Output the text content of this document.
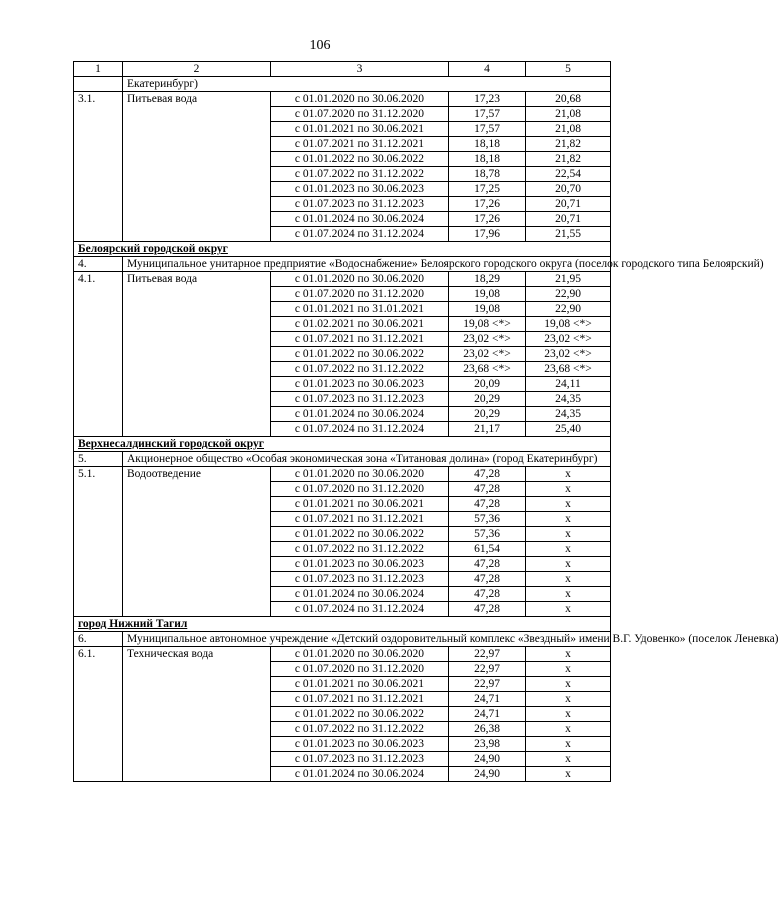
106
1	2	3	4	5
	Екатеринбург)			
3.1.	Питьевая вода	с 01.01.2020 по 30.06.2020	17,23	20,68
		с 01.07.2020 по 31.12.2020	17,57	21,08
		с 01.01.2021 по 30.06.2021	17,57	21,08
		с 01.07.2021 по 31.12.2021	18,18	21,82
		с 01.01.2022 по 30.06.2022	18,18	21,82
		с 01.07.2022 по 31.12.2022	18,78	22,54
		с 01.01.2023 по 30.06.2023	17,25	20,70
		с 01.07.2023 по 31.12.2023	17,26	20,71
		с 01.01.2024 по 30.06.2024	17,26	20,71
		с 01.07.2024 по 31.12.2024	17,96	21,55
Белоярский городской округ				
4.	Муниципальное унитарное предприятие «Водоснабжение» Белоярского городского округа (поселок городского типа Белоярский)			
4.1.	Питьевая вода	с 01.01.2020 по 30.06.2020	18,29	21,95
		с 01.07.2020 по 31.12.2020	19,08	22,90
		с 01.01.2021 по 31.01.2021	19,08	22,90
		с 01.02.2021 по 30.06.2021	19,08 <*>	19,08 <*>
		с 01.07.2021 по 31.12.2021	23,02 <*>	23,02 <*>
		с 01.01.2022 по 30.06.2022	23,02 <*>	23,02 <*>
		с 01.07.2022 по 31.12.2022	23,68 <*>	23,68 <*>
		с 01.01.2023 по 30.06.2023	20,09	24,11
		с 01.07.2023 по 31.12.2023	20,29	24,35
		с 01.01.2024 по 30.06.2024	20,29	24,35
		с 01.07.2024 по 31.12.2024	21,17	25,40
Верхнесалдинский городской округ				
5.	Акционерное общество «Особая экономическая зона «Титановая долина» (город Екатеринбург)			
5.1.	Водоотведение	с 01.01.2020 по 30.06.2020	47,28	x
		с 01.07.2020 по 31.12.2020	47,28	x
		с 01.01.2021 по 30.06.2021	47,28	x
		с 01.07.2021 по 31.12.2021	57,36	x
		с 01.01.2022 по 30.06.2022	57,36	x
		с 01.07.2022 по 31.12.2022	61,54	x
		с 01.01.2023 по 30.06.2023	47,28	x
		с 01.07.2023 по 31.12.2023	47,28	x
		с 01.01.2024 по 30.06.2024	47,28	x
		с 01.07.2024 по 31.12.2024	47,28	x
город Нижний Тагил				
6.	Муниципальное автономное учреждение «Детский оздоровительный комплекс «Звездный» имени В.Г. Удовенко» (поселок Леневка)			
6.1.	Техническая вода	с 01.01.2020 по 30.06.2020	22,97	x
		с 01.07.2020 по 31.12.2020	22,97	x
		с 01.01.2021 по 30.06.2021	22,97	x
		с 01.07.2021 по 31.12.2021	24,71	x
		с 01.01.2022 по 30.06.2022	24,71	x
		с 01.07.2022 по 31.12.2022	26,38	x
		с 01.01.2023 по 30.06.2023	23,98	x
		с 01.07.2023 по 31.12.2023	24,90	x
		с 01.01.2024 по 30.06.2024	24,90	x
